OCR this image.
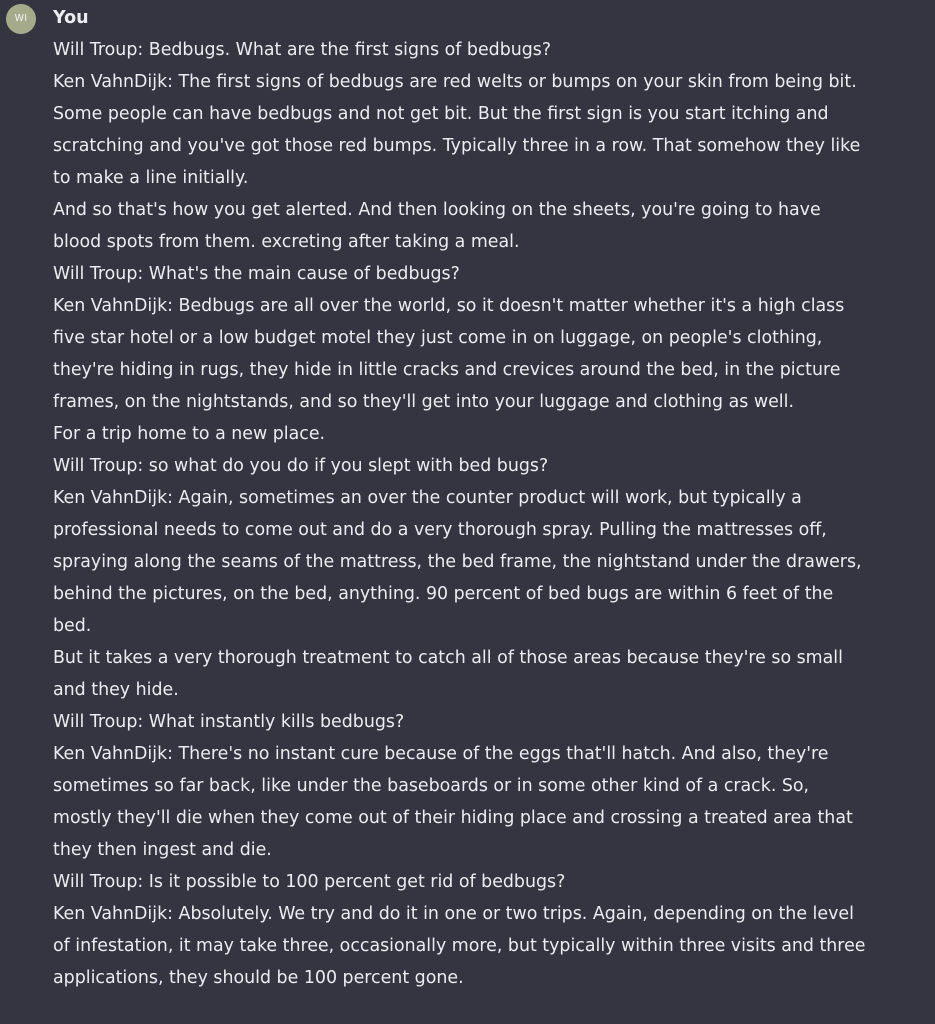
WI	You

Will Troup: Bedbugs. What are the first signs of bedbugs?

Ken VahnDijk: The first signs of bedbugs are red welts or bumps on your skin from being bit. Some people can have bedbugs and not get bit. But the first sign is you start itching and scratching and you've got those red bumps. Typically three in a row. That somehow they like to make a line initially.

And so that's how you get alerted. And then looking on the sheets, you're going to have blood spots from them. excreting after taking a meal.

Will Troup: What's the main cause of bedbugs?

Ken VahnDijk: Bedbugs are all over the world, so it doesn't matter whether it's a high class five star hotel or a low budget motel they just come in on luggage, on people's clothing, they're hiding in rugs, they hide in little cracks and crevices around the bed, in the picture frames, on the nightstands, and so they'll get into your luggage and clothing as well.

For a trip home to a new place.

Will Troup: so what do you do if you slept with bed bugs?

Ken VahnDijk: Again, sometimes an over the counter product will work, but typically a professional needs to come out and do a very thorough spray. Pulling the mattresses off, spraying along the seams of the mattress, the bed frame, the nightstand under the drawers, behind the pictures, on the bed, anything. 90 percent of bed bugs are within 6 feet of the bed.

But it takes a very thorough treatment to catch all of those areas because they're so small and they hide.

Will Troup: What instantly kills bedbugs?

Ken VahnDijk: There's no instant cure because of the eggs that'll hatch. And also, they're sometimes so far back, like under the baseboards or in some other kind of a crack. So, mostly they'll die when they come out of their hiding place and crossing a treated area that they then ingest and die.

Will Troup: Is it possible to 100 percent get rid of bedbugs?

Ken VahnDijk: Absolutely. We try and do it in one or two trips. Again, depending on the level of infestation, it may take three, occasionally more, but typically within three visits and three applications, they should be 100 percent gone.
